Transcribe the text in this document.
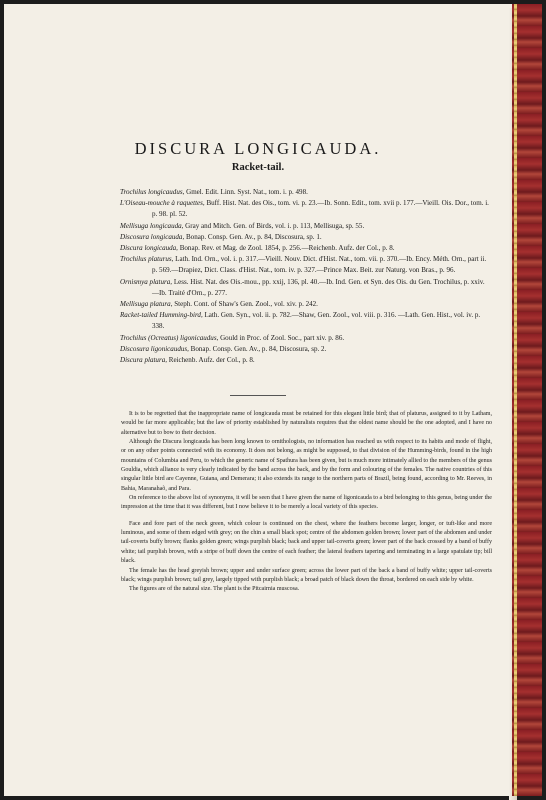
DISCURA LONGICAUDA.
Racket-tail.
Trochilus longicaudus, Gmel. Edit. Linn. Syst. Nat., tom. i. p. 498.
L'Oiseau-mouche à raquettes, Buff. Hist. Nat. des Ois., tom. vi. p. 23.—Ib. Sonn. Edit., tom. xvii p. 177.—Vieill. Ois. Dor., tom. i. p. 98. pl. 52.
Mellisuga longicauda, Gray and Mitch. Gen. of Birds, vol. i. p. 113, Mellisuga, sp. 55.
Discosura longicauda, Bonap. Consp. Gen. Av., p. 84, Discosura, sp. 1.
Discura longicauda, Bonap. Rev. et Mag. de Zool. 1854, p. 256.—Reichenb. Aufz. der Col., p. 8.
Trochilus platurus, Lath. Ind. Orn., vol. i. p. 317.—Vieill. Nouv. Dict. d'Hist. Nat., tom. vii. p. 370.—Ib. Ency. Méth. Orn., part ii. p. 569.—Drapiez, Dict. Class. d'Hist. Nat., tom. iv. p. 327.—Prince Max. Beit. zur Naturg. von Bras., p. 96.
Ornismya platura, Less. Hist. Nat. des Ois.-mou., pp. xxij, 136, pl. 40.—Ib. Ind. Gen. et Syn. des Ois. du Gen. Trochilus, p. xxiv.—Ib. Traité d'Orn., p. 277.
Mellisuga platura, Steph. Cont. of Shaw's Gen. Zool., vol. xiv. p. 242.
Racket-tailed Humming-bird, Lath. Gen. Syn., vol. ii. p. 782.—Shaw, Gen. Zool., vol. viii. p. 316. —Lath. Gen. Hist., vol. iv. p. 338.
Trochilus (Ocreatus) ligonicaudus, Gould in Proc. of Zool. Soc., part xiv. p. 86.
Discosura ligonicaudus, Bonap. Consp. Gen. Av., p. 84, Discosura, sp. 2.
Discura platura, Reichenb. Aufz. der Col., p. 8.

It is to be regretted that the inappropriate name of longicauda must be retained for this elegant little bird; that of platurus, assigned to it by Latham, would be far more applicable; but the law of priority established by naturalists requires that the oldest name should be the one adopted, and I have no alternative but to bow to their decision.

Although the Discura longicauda has been long known to ornithologists, no information has reached us with respect to its habits and mode of flight, or on any other points connected with its economy. It does not belong, as might be supposed, to that division of the Humming-birds, found in the high mountains of Columbia and Peru, to which the generic name of Spathura has been given, but is much more intimately allied to the members of the genus Gouldia, which alliance is very clearly indicated by the band across the back, and by the form and colouring of the females. The native countries of this singular little bird are Cayenne, Guiana, and Demerara; it also extends its range to the northern parts of Brazil, being found, according to Mr. Reeves, in Bahia, Maranahaõ, and Para.

On reference to the above list of synonyms, it will be seen that I have given the name of ligonicauda to a bird belonging to this genus, being under the impression at the time that it was different, but I now believe it to be merely a local variety of this species.

Face and fore part of the neck green, which colour is continued on the chest, where the feathers become larger, longer, or tuft-like and more luminous, and some of them edged with grey; on the chin a small black spot; centre of the abdomen golden brown; lower part of the abdomen and under tail-coverts buffy brown; flanks golden green; wings purplish black; back and upper tail-coverts green; lower part of the back crossed by a band of buffy white; tail purplish brown, with a stripe of buff down the centre of each feather; the lateral feathers tapering and terminating in a large spatulate tip; bill black.

The female has the head greyish brown; upper and under surface green; across the lower part of the back a band of buffy white; upper tail-coverts black; wings purplish brown; tail grey, largely tipped with purplish black; a broad patch of black down the throat, bordered on each side by white.

The figures are of the natural size. The plant is the Pitcairnia muscosa.
